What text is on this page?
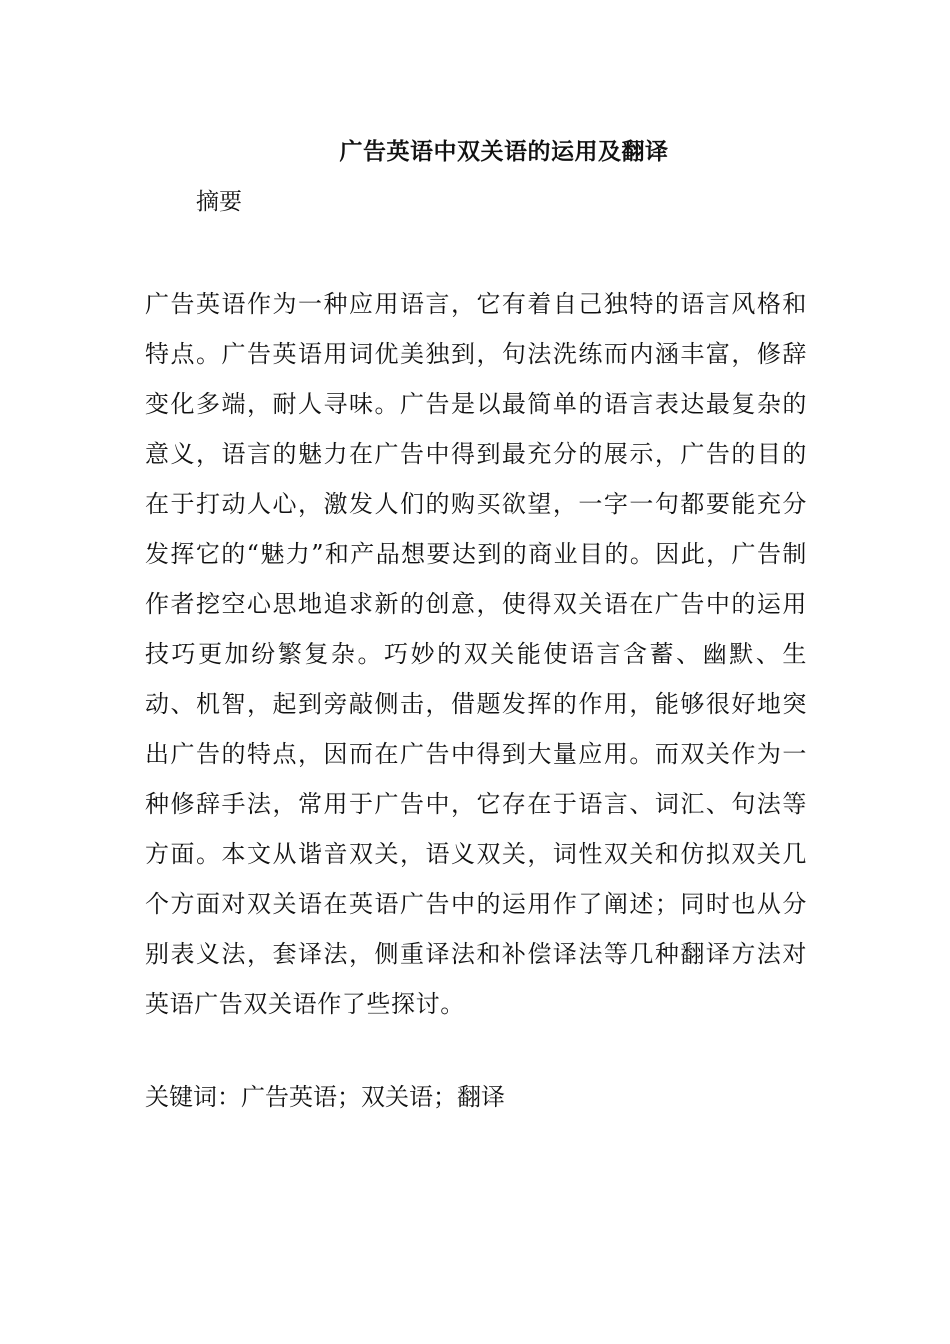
广告英语中双关语的运用及翻译
摘要

广告英语作为一种应用语言，它有着自己独特的语言风格和特点。广告英语用词优美独到，句法洗练而内涵丰富，修辞变化多端，耐人寻味。广告是以最简单的语言表达最复杂的意义，语言的魅力在广告中得到最充分的展示，广告的目的在于打动人心，激发人们的购买欲望，一字一句都要能充分发挥它的“魅力”和产品想要达到的商业目的。因此，广告制作者挖空心思地追求新的创意，使得双关语在广告中的运用技巧更加纷繁复杂。巧妙的双关能使语言含蓄、幽默、生动、机智，起到旁敲侧击，借题发挥的作用，能够很好地突出广告的特点，因而在广告中得到大量应用。而双关作为一种修辞手法，常用于广告中，它存在于语言、词汇、句法等方面。本文从谐音双关，语义双关，词性双关和仿拟双关几个方面对双关语在英语广告中的运用作了阐述；同时也从分别表义法，套译法，侧重译法和补偿译法等几种翻译方法对英语广告双关语作了些探讨。

关键词：广告英语；双关语；翻译
